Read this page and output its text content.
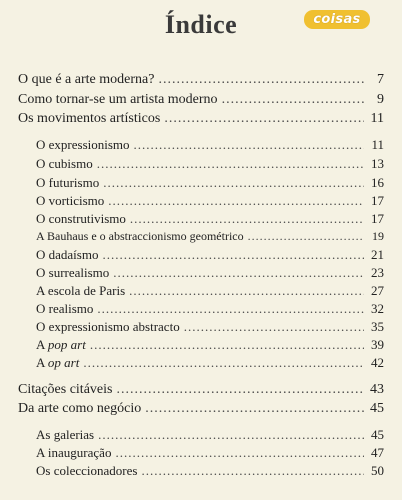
Índice	coisas
O que é a arte moderna? .....	7
Como tornar-se um artista moderno .....	9
Os movimentos artísticos .....	11
O expressionismo .....	11
O cubismo .....	13
O futurismo .....	16
O vorticismo .....	17
O construtivismo .....	17
A Bauhaus e o abstraccionismo geométrico .....	19
O dadaísmo .....	21
O surrealismo .....	23
A escola de Paris .....	27
O realismo .....	32
O expressionismo abstracto .....	35
A pop art .....	39
A op art .....	42
Citações citáveis .....	43
Da arte como negócio .....	45
As galerias .....	45
A inauguração .....	47
Os coleccionadores .....	50
